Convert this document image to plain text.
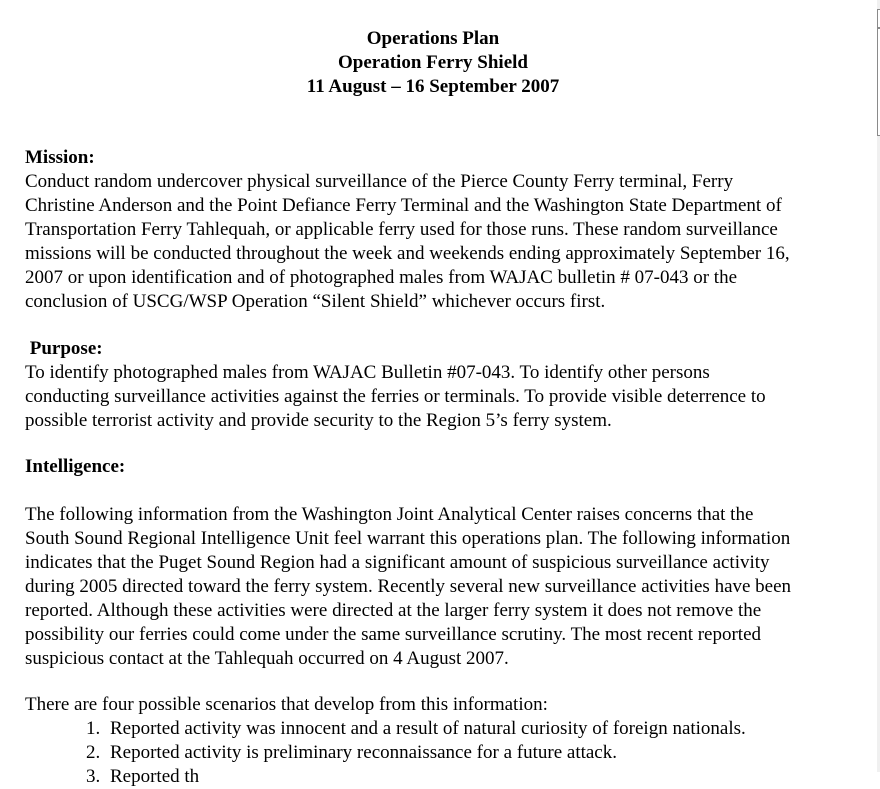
Operations Plan
Operation Ferry Shield
11 August – 16 September 2007
Mission:
Conduct random undercover physical surveillance of the Pierce County Ferry terminal, Ferry
Christine Anderson and the Point Defiance Ferry Terminal and the Washington State Department of
Transportation Ferry Tahlequah, or applicable ferry used for those runs. These random surveillance
missions will be conducted throughout the week and weekends ending approximately September 16,
2007 or upon identification and of photographed males from WAJAC bulletin # 07-043 or the
conclusion of USCG/WSP Operation “Silent Shield” whichever occurs first.
Purpose:
To identify photographed males from WAJAC Bulletin #07-043. To identify other persons
conducting surveillance activities against the ferries or terminals. To provide visible deterrence to
possible terrorist activity and provide security to the Region 5’s ferry system.
Intelligence:
The following information from the Washington Joint Analytical Center raises concerns that the
South Sound Regional Intelligence Unit feel warrant this operations plan. The following information
indicates that the Puget Sound Region had a significant amount of suspicious surveillance activity
during 2005 directed toward the ferry system. Recently several new surveillance activities have been
reported. Although these activities were directed at the larger ferry system it does not remove the
possibility our ferries could come under the same surveillance scrutiny. The most recent reported
suspicious contact at the Tahlequah occurred on 4 August 2007.
There are four possible scenarios that develop from this information:
1. Reported activity was innocent and a result of natural curiosity of foreign nationals.
2. Reported activity is preliminary reconnaissance for a future attack.
3. Reported th
